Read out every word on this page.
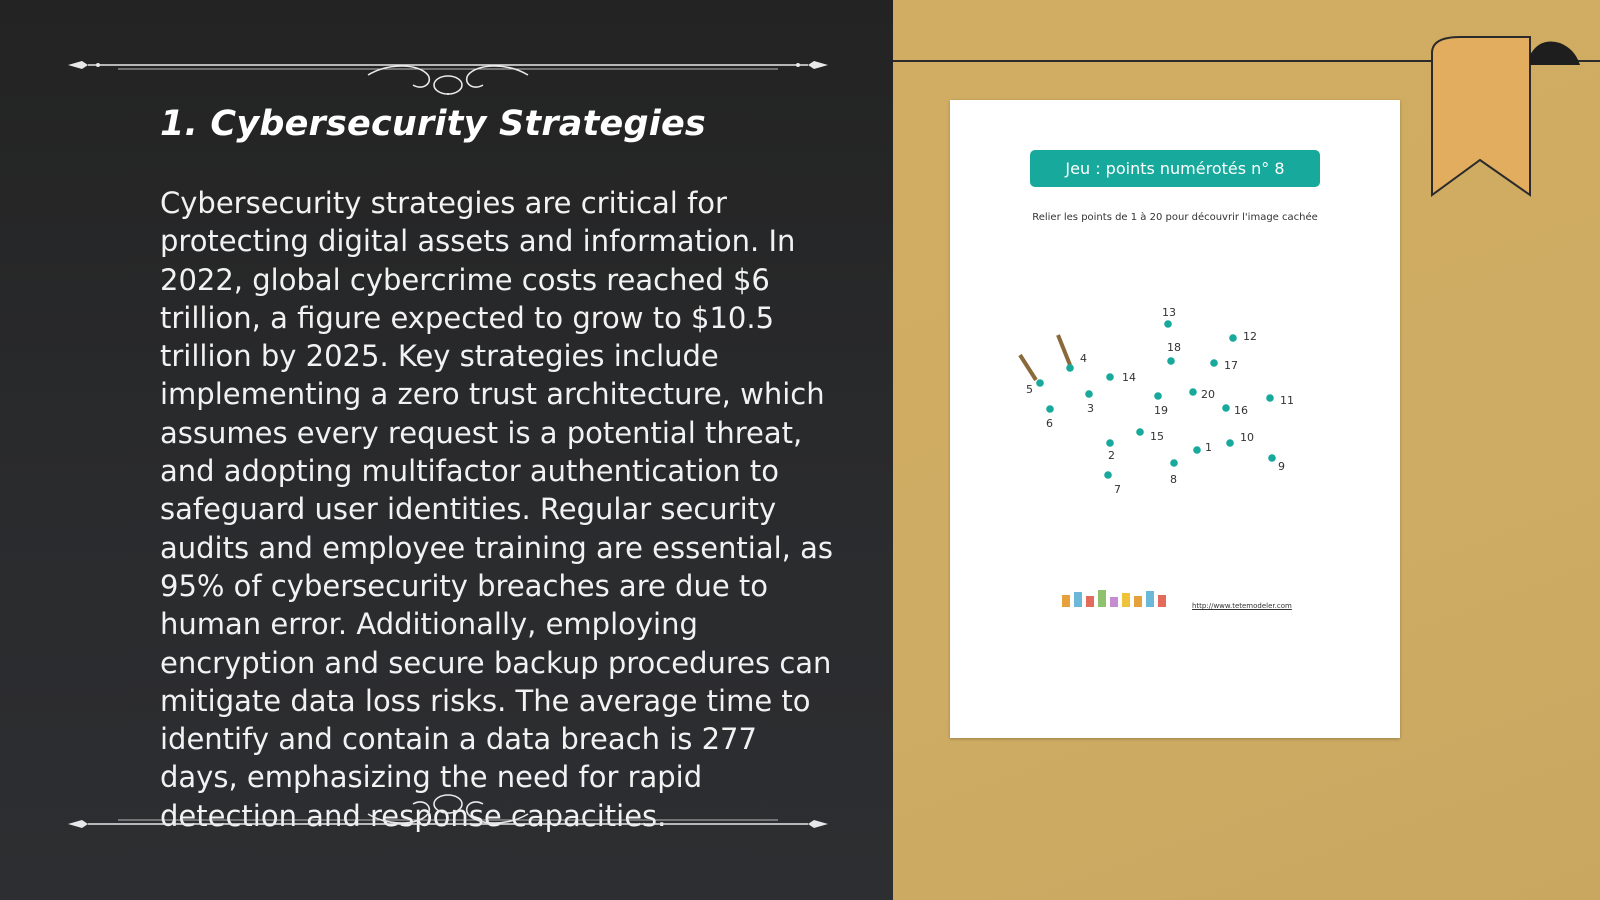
1. Cybersecurity Strategies

Cybersecurity strategies are critical for protecting digital assets and information. In 2022, global cybercrime costs reached $6 trillion, a figure expected to grow to $10.5 trillion by 2025. Key strategies include implementing a zero trust architecture, which assumes every request is a potential threat, and adopting multifactor authentication to safeguard user identities. Regular security audits and employee training are essential, as 95% of cybersecurity breaches are due to human error. Additionally, employing encryption and secure backup procedures can mitigate data loss risks. The average time to identify and contain a data breach is 277 days, emphasizing the need for rapid detection and response capacities.

Jeu : points numérotés n° 8
Relier les points de 1 à 20 pour découvrir l'image cachée
1
2
3
4
5
6
7
8
9
10
11
12
13
14
15
16
17
18
19
20
http://www.tetemodeler.com
